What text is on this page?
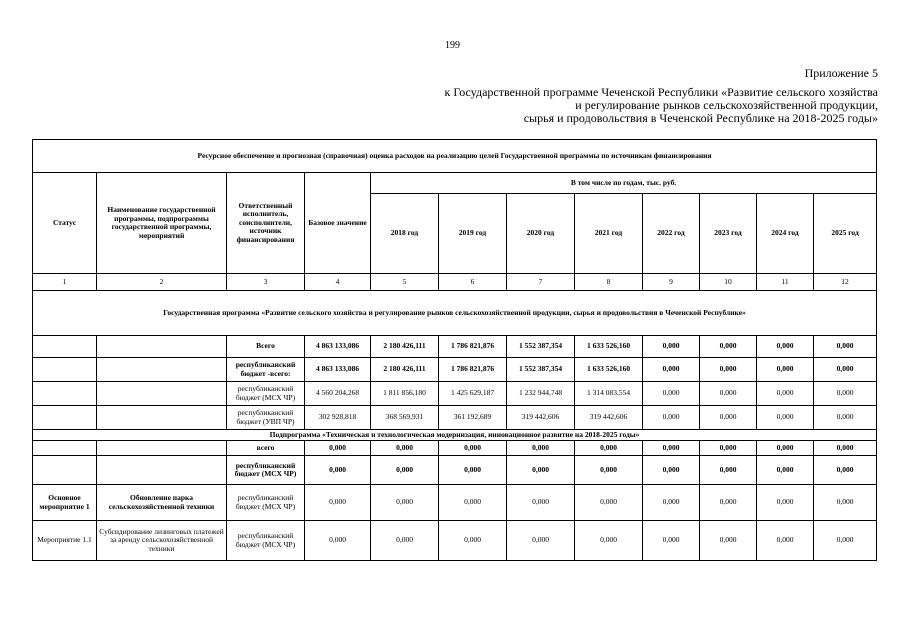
199
Приложение 5
к Государственной программе Чеченской Республики «Развитие сельского хозяйства
и регулирование рынков сельскохозяйственной продукции,
сырья и продовольствия в Чеченской Республике на 2018-2025 годы»
Ресурсное обеспечение и прогнозная (справочная) оценка расходов на реализацию целей Государственной программы по источникам финансирования											
Статус	Наименование государственной программы, подпрограммы государственной программы, мероприятий	Ответственный исполнитель, соисполнители, источник финансирования	Базовое значение	В том числе по годам, тыс. руб.							
				2018 год	2019 год	2020 год	2021 год	2022 год	2023 год	2024 год	2025 год
1	2	3	4	5	6	7	8	9	10	11	12
Государственная программа «Развитие сельского хозяйства и регулирование рынков сельскохозяйственной продукции, сырья и продовольствия в Чеченской Республике»											
		Всего	4 863 133,086	2 180 426,111	1 786 821,876	1 552 387,354	1 633 526,160	0,000	0,000	0,000	0,000
		республиканский бюджет -всего:	4 863 133,086	2 180 426,111	1 786 821,876	1 552 387,354	1 633 526,160	0,000	0,000	0,000	0,000
		республиканский бюджет (МСХ ЧР)	4 560 204,268	1 811 856,180	1 425 629,187	1 232 944,748	1 314 083,554	0,000	0,000	0,000	0,000
		республиканский бюджет (УВП ЧР)	302 928,818	368 569,931	361 192,689	319 442,606	319 442,606	0,000	0,000	0,000	0,000
Подпрограмма «Техническая и технологическая модернизация, инновационное развитие на 2018-2025 годы»											
		всего	0,000	0,000	0,000	0,000	0,000	0,000	0,000	0,000	0,000
		республиканский бюджет (МСХ ЧР)	0,000	0,000	0,000	0,000	0,000	0,000	0,000	0,000	0,000
Основное мероприятие 1	Обновление парка сельскохозяйственной техники	республиканский бюджет (МСХ ЧР)	0,000	0,000	0,000	0,000	0,000	0,000	0,000	0,000	0,000
Мероприятие 1.1	Субсидирование лизинговых платежей за аренду сельскохозяйственной техники	республиканский бюджет (МСХ ЧР)	0,000	0,000	0,000	0,000	0,000	0,000	0,000	0,000	0,000
